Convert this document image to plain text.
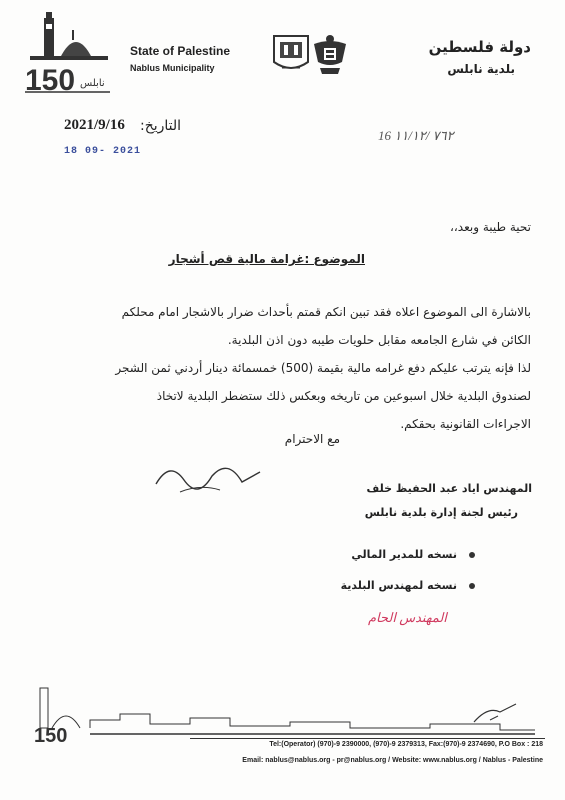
150 نابلس
State of Palestine
Nablus Municipality
دولة فلسطين
بلدية نابلس
التاريخ:
2021/9/16
18 09- 2021
16 ٧٦٢ /١١/١٢
تحية طيبة وبعد،،
الموضوع :غرامة مالية قص أشجار
بالاشارة الى الموضوع اعلاه فقد تبين انكم قمتم بأحداث ضرار بالاشجار امام محلكم
الكائن في شارع الجامعه مقابل حلويات طيبه دون اذن البلدية.
لذا فإنه يترتب عليكم دفع غرامه مالية بقيمة (500) خمسمائة دينار أردني ثمن الشجر
لصندوق البلدية خلال اسبوعين من تاريخه وبعكس ذلك ستضطر البلدية لاتخاذ
الاجراءات القانونية بحقكم.
مع الاحترام
المهندس اياد عبد الحفيظ خلف
رئيس لجنة إدارة بلدية نابلس
نسخه للمدير المالي
نسخه لمهندس البلدية
المهندس الحام
150	Tel:(Operator) (970)-9 2390000, (970)-9 2379313, Fax:(970)-9 2374690, P.O Box : 218
Email: nablus@nablus.org - pr@nablus.org / Website: www.nablus.org / Nablus - Palestine
